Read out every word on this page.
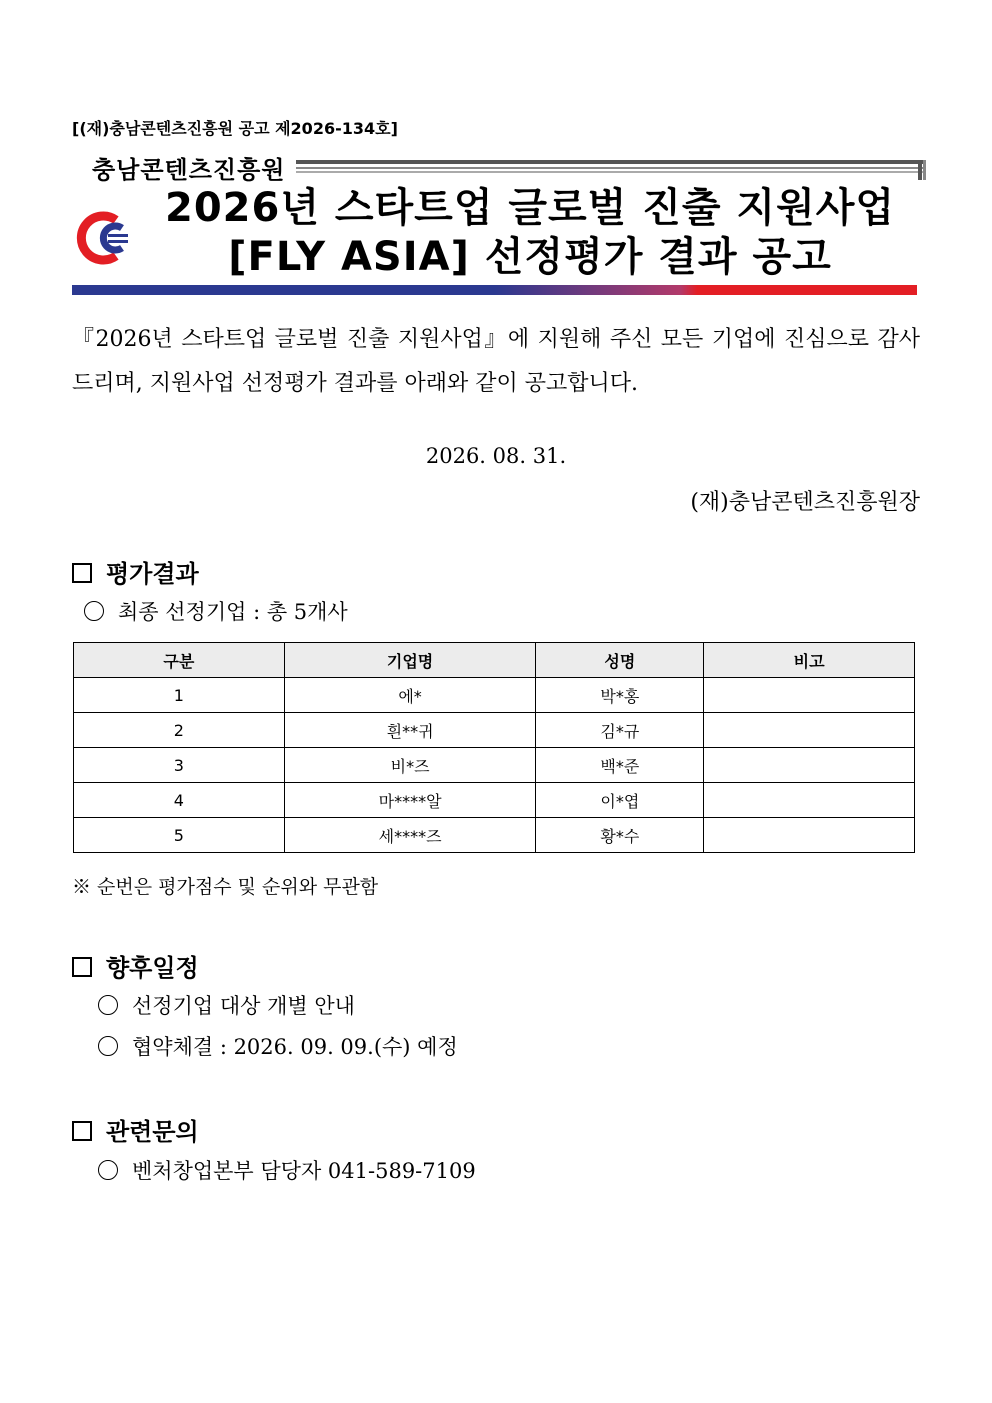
[(재)충남콘텐츠진흥원 공고 제2026-134호]
충남콘텐츠진흥원
2026년 스타트업 글로벌 진출 지원사업
[FLY ASIA] 선정평가 결과 공고
『2026년 스타트업 글로벌 진출 지원사업』에 지원해 주신 모든 기업에 진심으로 감사드리며, 지원사업 선정평가 결과를 아래와 같이 공고합니다.
2026. 08. 31.
(재)충남콘텐츠진흥원장
평가결과
최종 선정기업 : 총 5개사
구분	기업명	성명	비고
1	에*	박*홍	
2	흰**귀	김*규	
3	비*즈	백*준	
4	마****알	이*엽	
5	세****즈	황*수	
※ 순번은 평가점수 및 순위와 무관함
향후일정
선정기업 대상 개별 안내
협약체결 : 2026. 09. 09.(수) 예정
관련문의
벤처창업본부 담당자 041-589-7109
